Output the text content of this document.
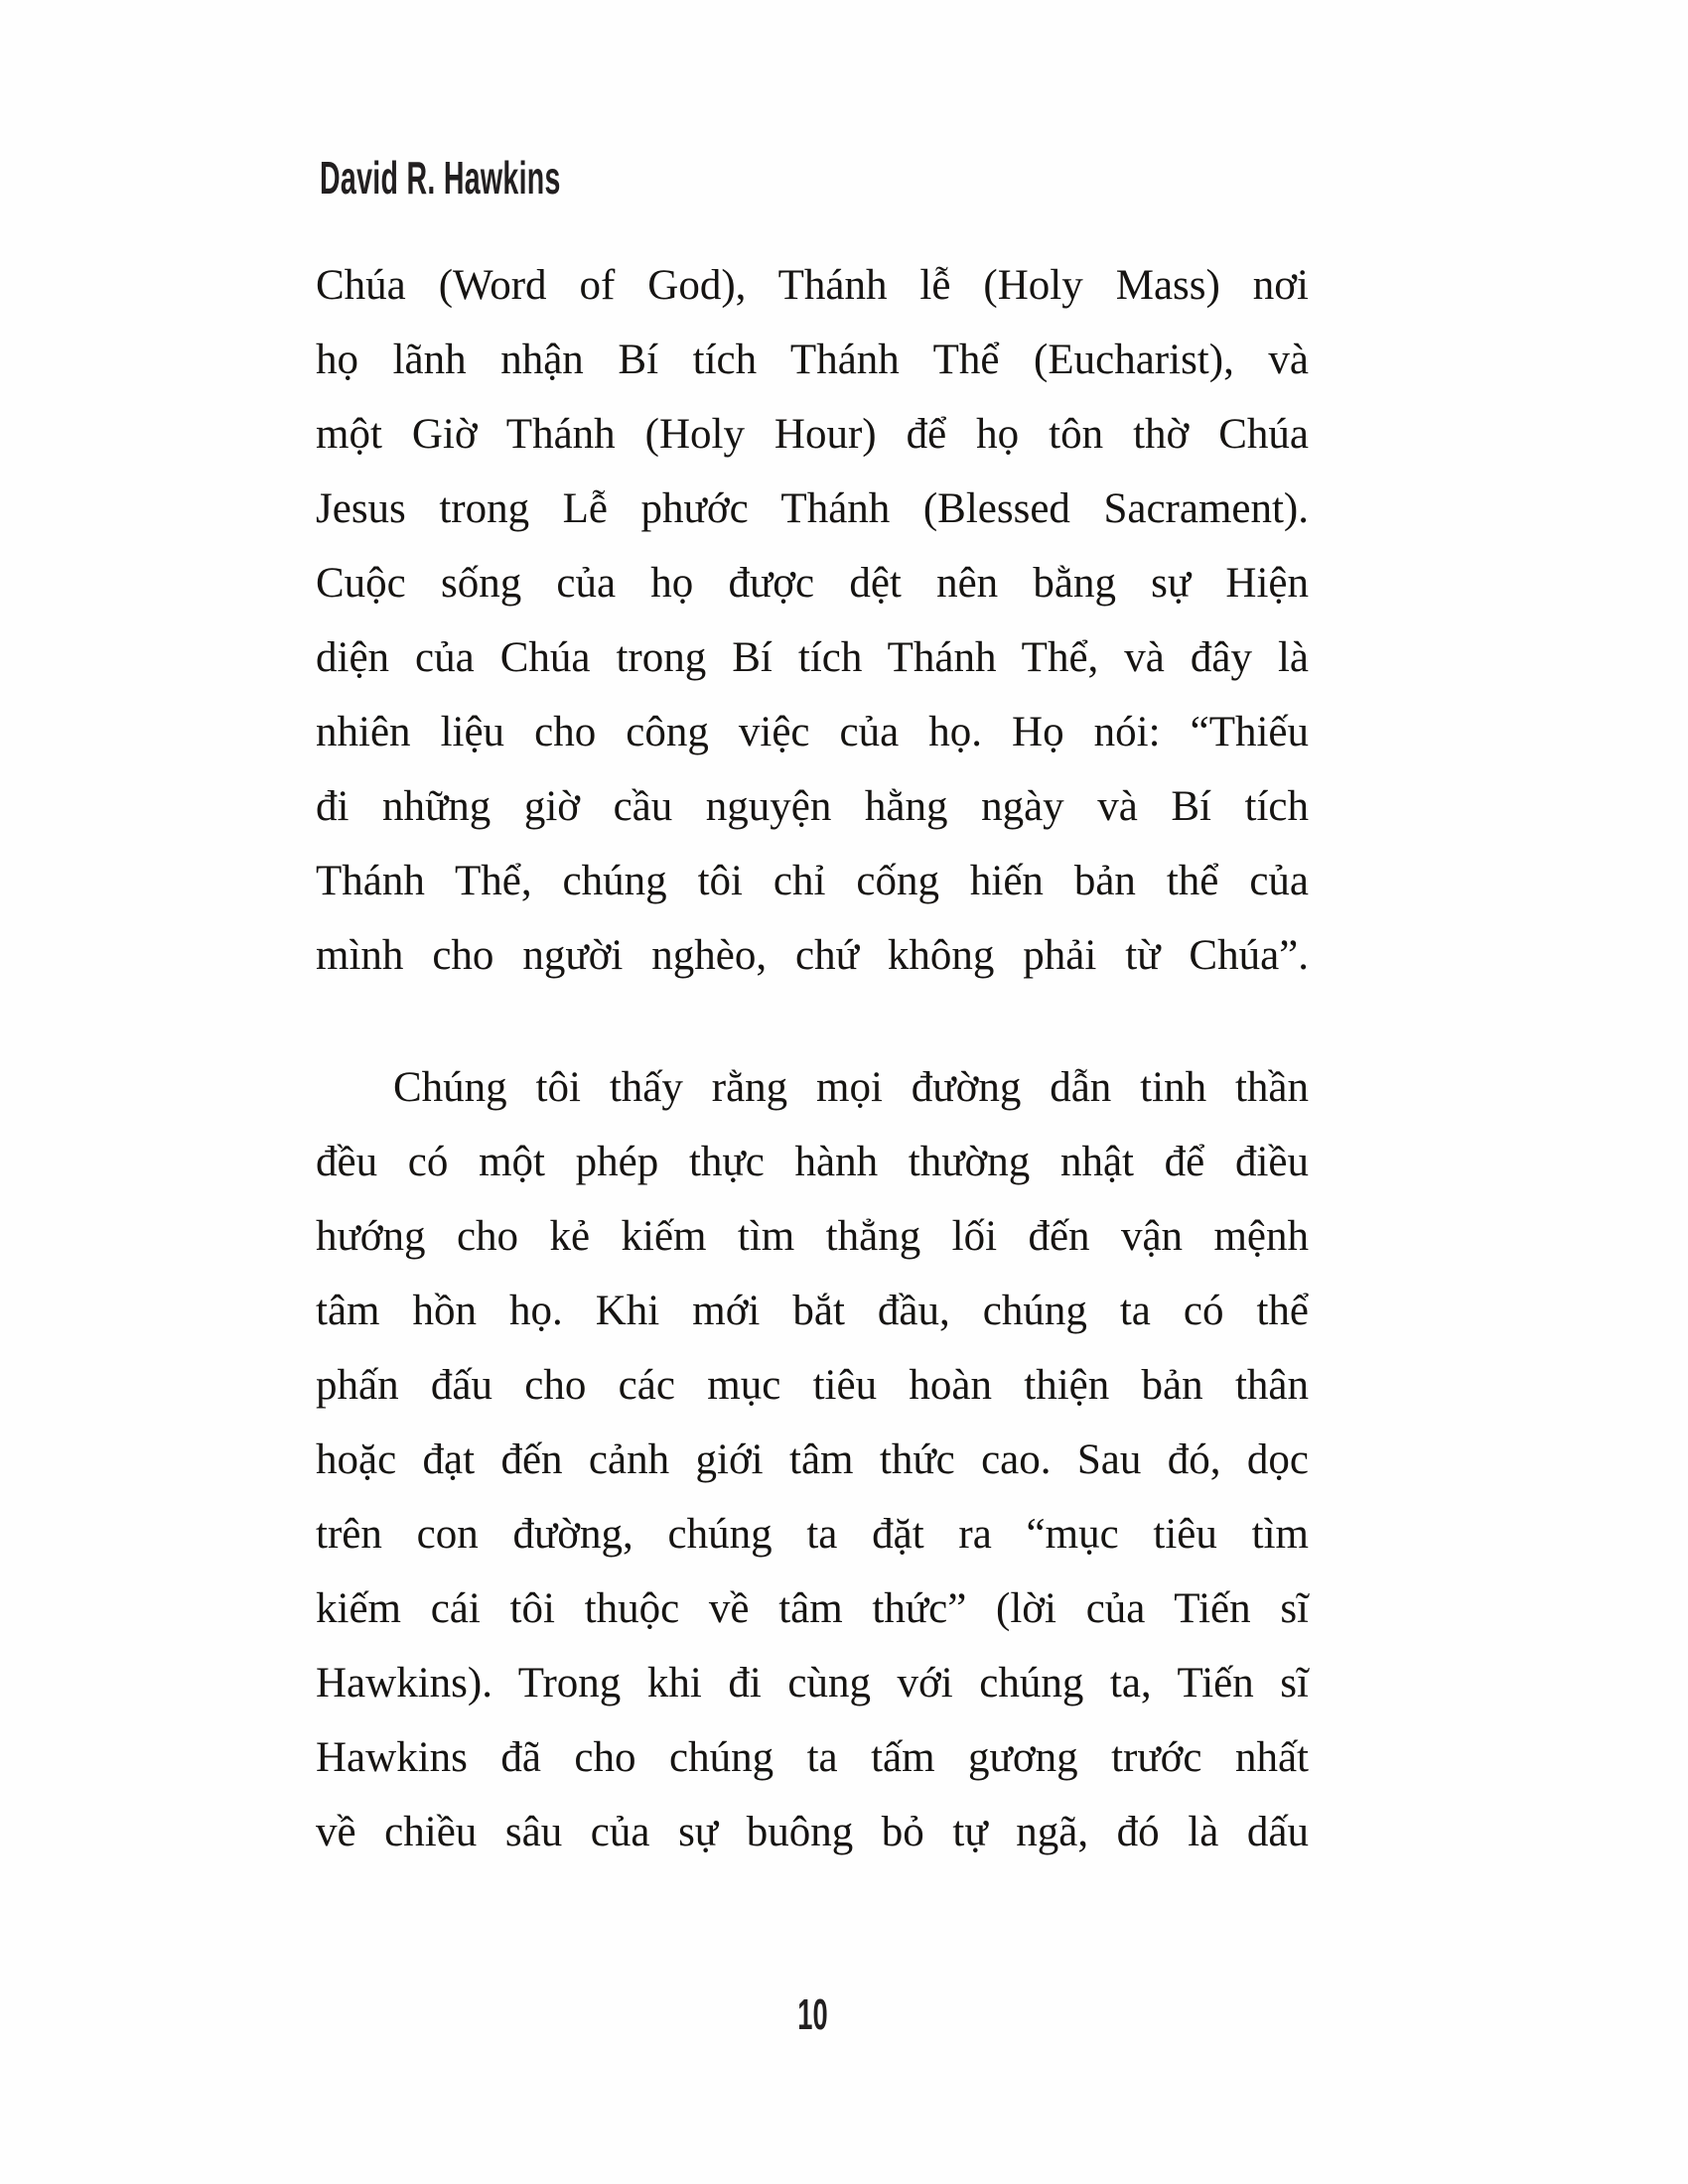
David R. Hawkins
Chúa (Word of God), Thánh lễ (Holy Mass) nơi
họ lãnh nhận Bí tích Thánh Thể (Eucharist), và
một Giờ Thánh (Holy Hour) để họ tôn thờ Chúa
Jesus trong Lễ phước Thánh (Blessed Sacrament).
Cuộc sống của họ được dệt nên bằng sự Hiện
diện của Chúa trong Bí tích Thánh Thể, và đây là
nhiên liệu cho công việc của họ. Họ nói: “Thiếu
đi những giờ cầu nguyện hằng ngày và Bí tích
Thánh Thể, chúng tôi chỉ cống hiến bản thể của
mình cho người nghèo, chứ không phải từ Chúa”.
Chúng tôi thấy rằng mọi đường dẫn tinh thần
đều có một phép thực hành thường nhật để điều
hướng cho kẻ kiếm tìm thẳng lối đến vận mệnh
tâm hồn họ. Khi mới bắt đầu, chúng ta có thể
phấn đấu cho các mục tiêu hoàn thiện bản thân
hoặc đạt đến cảnh giới tâm thức cao. Sau đó, dọc
trên con đường, chúng ta đặt ra “mục tiêu tìm
kiếm cái tôi thuộc về tâm thức” (lời của Tiến sĩ
Hawkins). Trong khi đi cùng với chúng ta, Tiến sĩ
Hawkins đã cho chúng ta tấm gương trước nhất
về chiều sâu của sự buông bỏ tự ngã, đó là dấu
10
